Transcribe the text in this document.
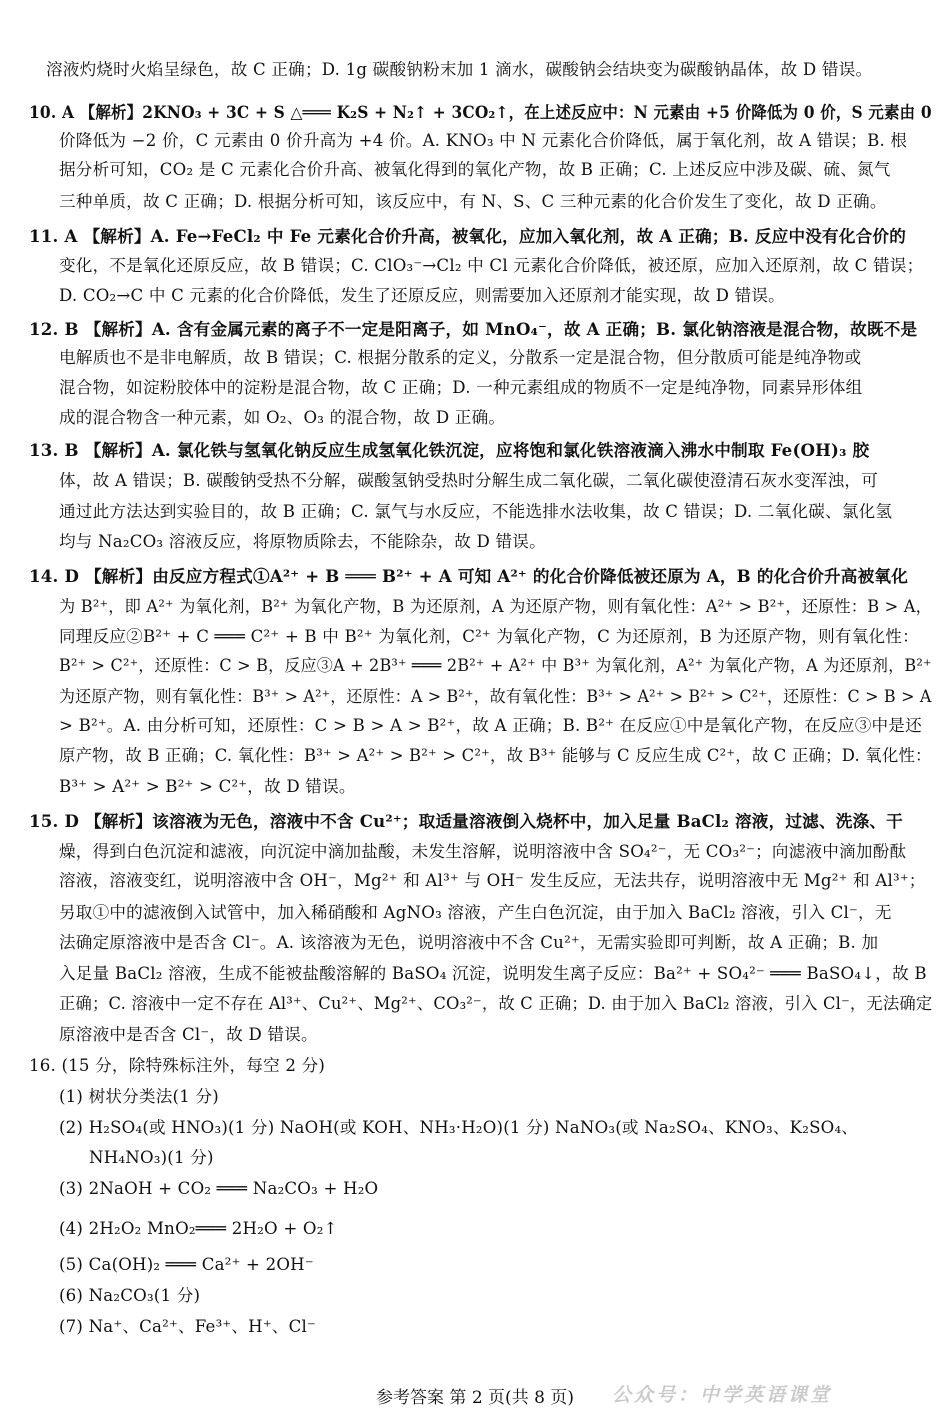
溶液灼烧时火焰呈绿色，故 C 正确；D. 1g 碳酸钠粉末加 1 滴水，碳酸钠会结块变为碳酸钠晶体，故 D 错误。
10. A 【解析】2KNO₃ + 3C + S △═══ K₂S + N₂↑ + 3CO₂↑，在上述反应中：N 元素由 +5 价降低为 0 价，S 元素由 0
价降低为 −2 价，C 元素由 0 价升高为 +4 价。A. KNO₃ 中 N 元素化合价降低，属于氧化剂，故 A 错误；B. 根
据分析可知，CO₂ 是 C 元素化合价升高、被氧化得到的氧化产物，故 B 正确；C. 上述反应中涉及碳、硫、氮气
三种单质，故 C 正确；D. 根据分析可知，该反应中，有 N、S、C 三种元素的化合价发生了变化，故 D 正确。
11. A 【解析】A. Fe→FeCl₂ 中 Fe 元素化合价升高，被氧化，应加入氧化剂，故 A 正确；B. 反应中没有化合价的
变化，不是氧化还原反应，故 B 错误；C. ClO₃⁻→Cl₂ 中 Cl 元素化合价降低，被还原，应加入还原剂，故 C 错误；
D. CO₂→C 中 C 元素的化合价降低，发生了还原反应，则需要加入还原剂才能实现，故 D 错误。
12. B 【解析】A. 含有金属元素的离子不一定是阳离子，如 MnO₄⁻，故 A 正确；B. 氯化钠溶液是混合物，故既不是
电解质也不是非电解质，故 B 错误；C. 根据分散系的定义，分散系一定是混合物，但分散质可能是纯净物或
混合物，如淀粉胶体中的淀粉是混合物，故 C 正确；D. 一种元素组成的物质不一定是纯净物，同素异形体组
成的混合物含一种元素，如 O₂、O₃ 的混合物，故 D 正确。
13. B 【解析】A. 氯化铁与氢氧化钠反应生成氢氧化铁沉淀，应将饱和氯化铁溶液滴入沸水中制取 Fe(OH)₃ 胶
体，故 A 错误；B. 碳酸钠受热不分解，碳酸氢钠受热时分解生成二氧化碳，二氧化碳使澄清石灰水变浑浊，可
通过此方法达到实验目的，故 B 正确；C. 氯气与水反应，不能选排水法收集，故 C 错误；D. 二氧化碳、氯化氢
均与 Na₂CO₃ 溶液反应，将原物质除去，不能除杂，故 D 错误。
14. D 【解析】由反应方程式①A²⁺ + B ═══ B²⁺ + A 可知 A²⁺ 的化合价降低被还原为 A，B 的化合价升高被氧化
为 B²⁺，即 A²⁺ 为氧化剂，B²⁺ 为氧化产物，B 为还原剂，A 为还原产物，则有氧化性：A²⁺ > B²⁺，还原性：B > A，
同理反应②B²⁺ + C ═══ C²⁺ + B 中 B²⁺ 为氧化剂，C²⁺ 为氧化产物，C 为还原剂，B 为还原产物，则有氧化性：
B²⁺ > C²⁺，还原性：C > B，反应③A + 2B³⁺ ═══ 2B²⁺ + A²⁺ 中 B³⁺ 为氧化剂，A²⁺ 为氧化产物，A 为还原剂，B²⁺
为还原产物，则有氧化性：B³⁺ > A²⁺，还原性：A > B²⁺，故有氧化性：B³⁺ > A²⁺ > B²⁺ > C²⁺，还原性：C > B > A
> B²⁺。A. 由分析可知，还原性：C > B > A > B²⁺，故 A 正确；B. B²⁺ 在反应①中是氧化产物，在反应③中是还
原产物，故 B 正确；C. 氧化性：B³⁺ > A²⁺ > B²⁺ > C²⁺，故 B³⁺ 能够与 C 反应生成 C²⁺，故 C 正确；D. 氧化性：
B³⁺ > A²⁺ > B²⁺ > C²⁺，故 D 错误。
15. D 【解析】该溶液为无色，溶液中不含 Cu²⁺；取适量溶液倒入烧杯中，加入足量 BaCl₂ 溶液，过滤、洗涤、干
燥，得到白色沉淀和滤液，向沉淀中滴加盐酸，未发生溶解，说明溶液中含 SO₄²⁻，无 CO₃²⁻；向滤液中滴加酚酞
溶液，溶液变红，说明溶液中含 OH⁻，Mg²⁺ 和 Al³⁺ 与 OH⁻ 发生反应，无法共存，说明溶液中无 Mg²⁺ 和 Al³⁺；
另取①中的滤液倒入试管中，加入稀硝酸和 AgNO₃ 溶液，产生白色沉淀，由于加入 BaCl₂ 溶液，引入 Cl⁻，无
法确定原溶液中是否含 Cl⁻。A. 该溶液为无色，说明溶液中不含 Cu²⁺，无需实验即可判断，故 A 正确；B. 加
入足量 BaCl₂ 溶液，生成不能被盐酸溶解的 BaSO₄ 沉淀，说明发生离子反应：Ba²⁺ + SO₄²⁻ ═══ BaSO₄↓，故 B
正确；C. 溶液中一定不存在 Al³⁺、Cu²⁺、Mg²⁺、CO₃²⁻，故 C 正确；D. 由于加入 BaCl₂ 溶液，引入 Cl⁻，无法确定
原溶液中是否含 Cl⁻，故 D 错误。
16. (15 分，除特殊标注外，每空 2 分)
(1) 树状分类法(1 分)
(2) H₂SO₄(或 HNO₃)(1 分) NaOH(或 KOH、NH₃·H₂O)(1 分) NaNO₃(或 Na₂SO₄、KNO₃、K₂SO₄、
NH₄NO₃)(1 分)
(3) 2NaOH + CO₂ ═══ Na₂CO₃ + H₂O
(4) 2H₂O₂ MnO₂═══ 2H₂O + O₂↑
(5) Ca(OH)₂ ═══ Ca²⁺ + 2OH⁻
(6) Na₂CO₃(1 分)
(7) Na⁺、Ca²⁺、Fe³⁺、H⁺、Cl⁻
参考答案 第 2 页(共 8 页)	公众号：中学英语课堂
